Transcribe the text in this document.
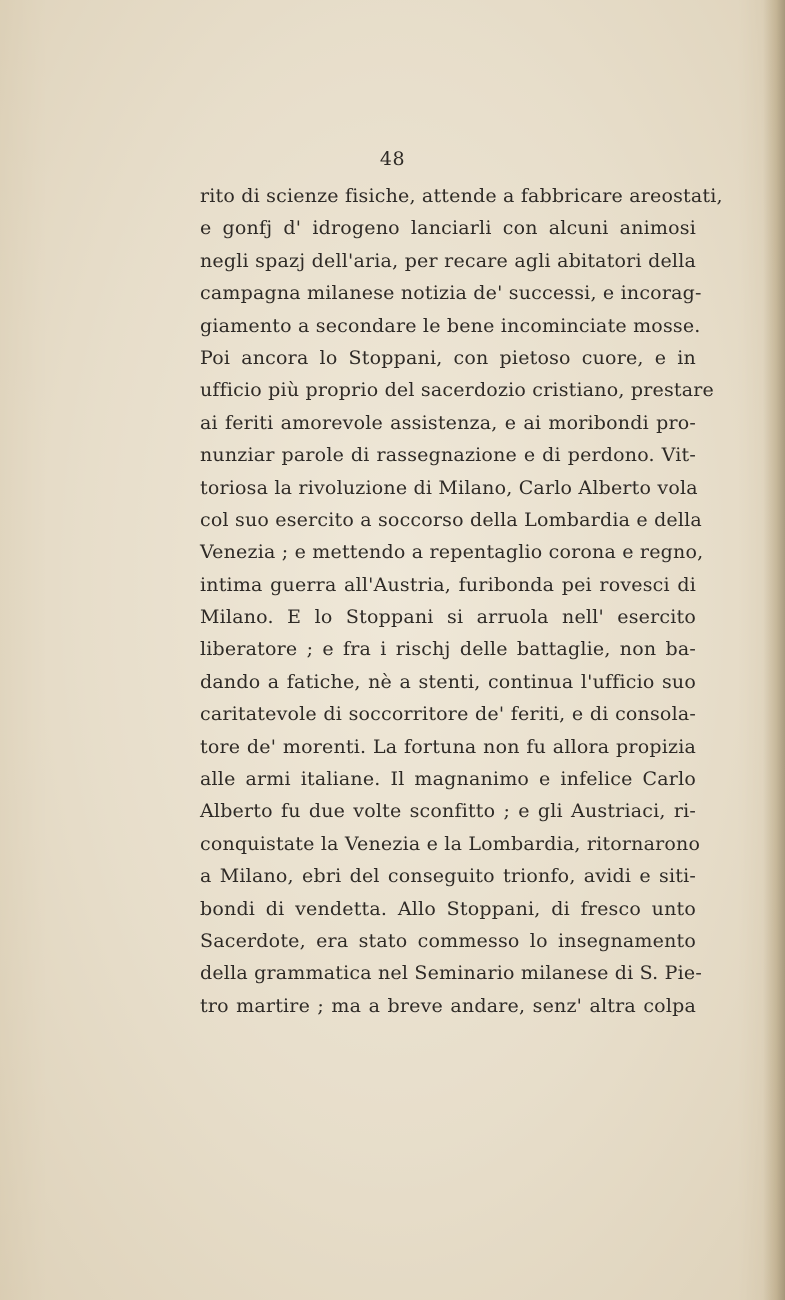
48
rito di scienze fisiche, attende a fabbricare areostati,
e gonfj d' idrogeno lanciarli con alcuni animosi
negli spazj dell'aria, per recare agli abitatori della
campagna milanese notizia de' successi, e incorag-
giamento a secondare le bene incominciate mosse.
Poi ancora lo Stoppani, con pietoso cuore, e in
ufficio più proprio del sacerdozio cristiano, prestare
ai feriti amorevole assistenza, e ai moribondi pro-
nunziar parole di rassegnazione e di perdono. Vit-
toriosa la rivoluzione di Milano, Carlo Alberto vola
col suo esercito a soccorso della Lombardia e della
Venezia ; e mettendo a repentaglio corona e regno,
intima guerra all'Austria, furibonda pei rovesci di
Milano. E lo Stoppani si arruola nell' esercito
liberatore ; e fra i rischj delle battaglie, non ba-
dando a fatiche, nè a stenti, continua l'ufficio suo
caritatevole di soccorritore de' feriti, e di consola-
tore de' morenti. La fortuna non fu allora propizia
alle armi italiane. Il magnanimo e infelice Carlo
Alberto fu due volte sconfitto ; e gli Austriaci, ri-
conquistate la Venezia e la Lombardia, ritornarono
a Milano, ebri del conseguito trionfo, avidi e siti-
bondi di vendetta. Allo Stoppani, di fresco unto
Sacerdote, era stato commesso lo insegnamento
della grammatica nel Seminario milanese di S. Pie-
tro martire ; ma a breve andare, senz' altra colpa
